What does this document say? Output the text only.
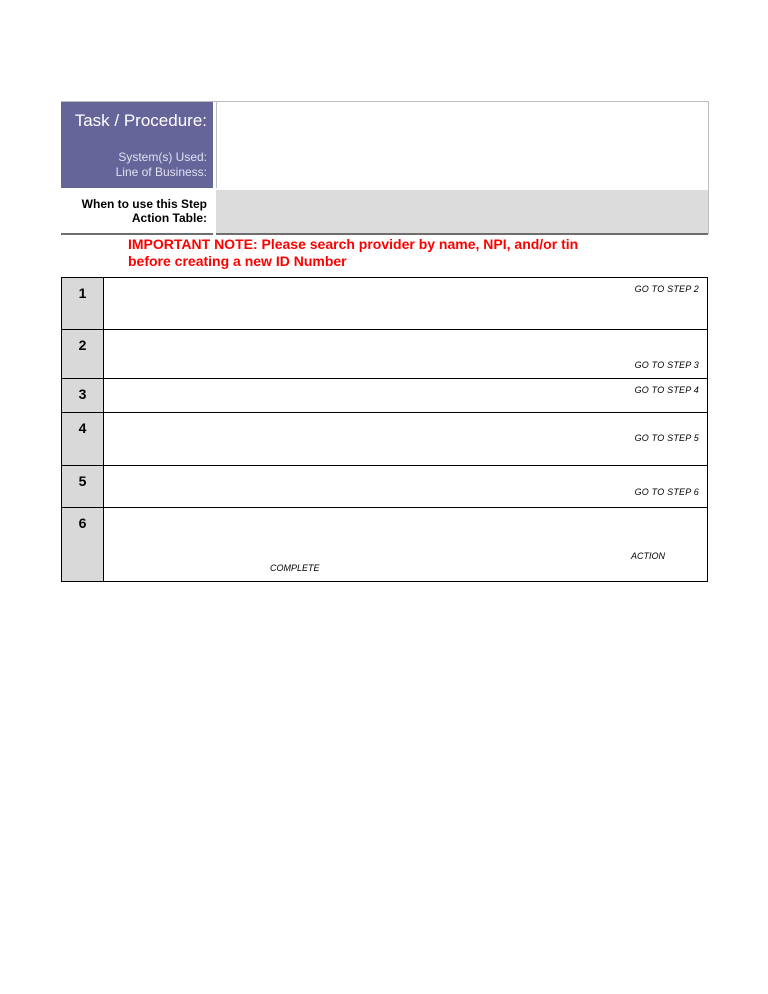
Task / Procedure:
System(s) Used:
Line of Business:
When to use this Step
Action Table:
IMPORTANT NOTE: Please search provider by name, NPI, and/or tin
before creating a new ID Number
1	GO TO STEP 2
2
GO TO STEP 3
3	GO TO STEP 4
4
GO TO STEP 5
5
GO TO STEP 6
6
ACTION
COMPLETE
